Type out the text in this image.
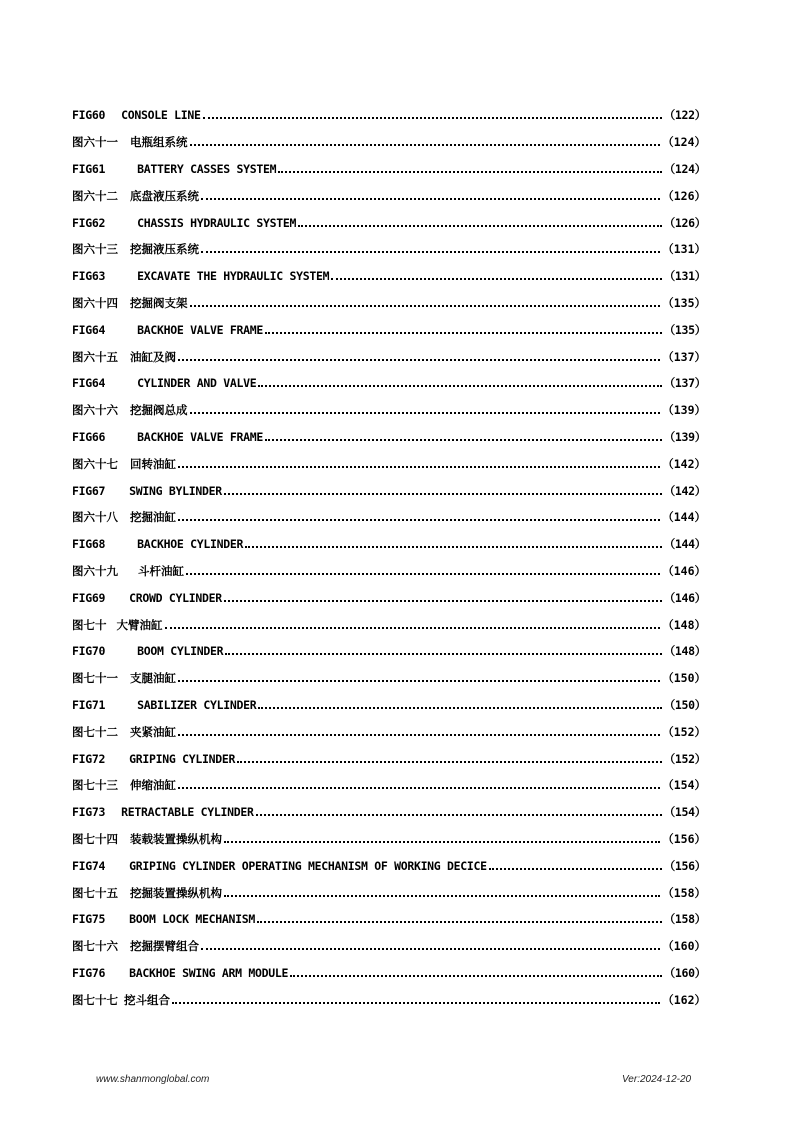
FIG60 CONSOLE LINE	（122）
图六十一 电瓶组系统	（124）
FIG61	BATTERY CASSES SYSTEM	（124）
图六十二 底盘液压系统	（126）
FIG62	CHASSIS HYDRAULIC SYSTEM	（126）
图六十三 挖掘液压系统	（131）
FIG63	EXCAVATE THE HYDRAULIC SYSTEM	（131）
图六十四 挖掘阀支架	（135）
FIG64	BACKHOE VALVE FRAME	（135）
图六十五 油缸及阀	（137）
FIG64	CYLINDER AND VALVE	（137）
图六十六 挖掘阀总成	（139）
FIG66	BACKHOE VALVE FRAME	（139）
图六十七 回转油缸	（142）
FIG67 SWING BYLINDER	（142）
图六十八 挖掘油缸	（144）
FIG68	BACKHOE CYLINDER	（144）
图六十九 斗杆油缸	（146）
FIG69 CROWD CYLINDER	（146）
图七十 大臂油缸	（148）
FIG70	BOOM CYLINDER	（148）
图七十一 支腿油缸	（150）
FIG71	SABILIZER CYLINDER	（150）
图七十二 夹紧油缸	（152）
FIG72 GRIPING CYLINDER	（152）
图七十三 伸缩油缸	（154）
FIG73 RETRACTABLE CYLINDER	（154）
图七十四 装载装置操纵机构	（156）
FIG74 GRIPING CYLINDER OPERATING MECHANISM OF WORKING DECICE	（156）
图七十五 挖掘装置操纵机构	（158）
FIG75 BOOM LOCK MECHANISM	（158）
图七十六 挖掘摆臂组合	（160）
FIG76 BACKHOE SWING ARM MODULE	（160）
图七十七 挖斗组合	（162）
www.shanmonglobal.com	Ver:2024-12-20
